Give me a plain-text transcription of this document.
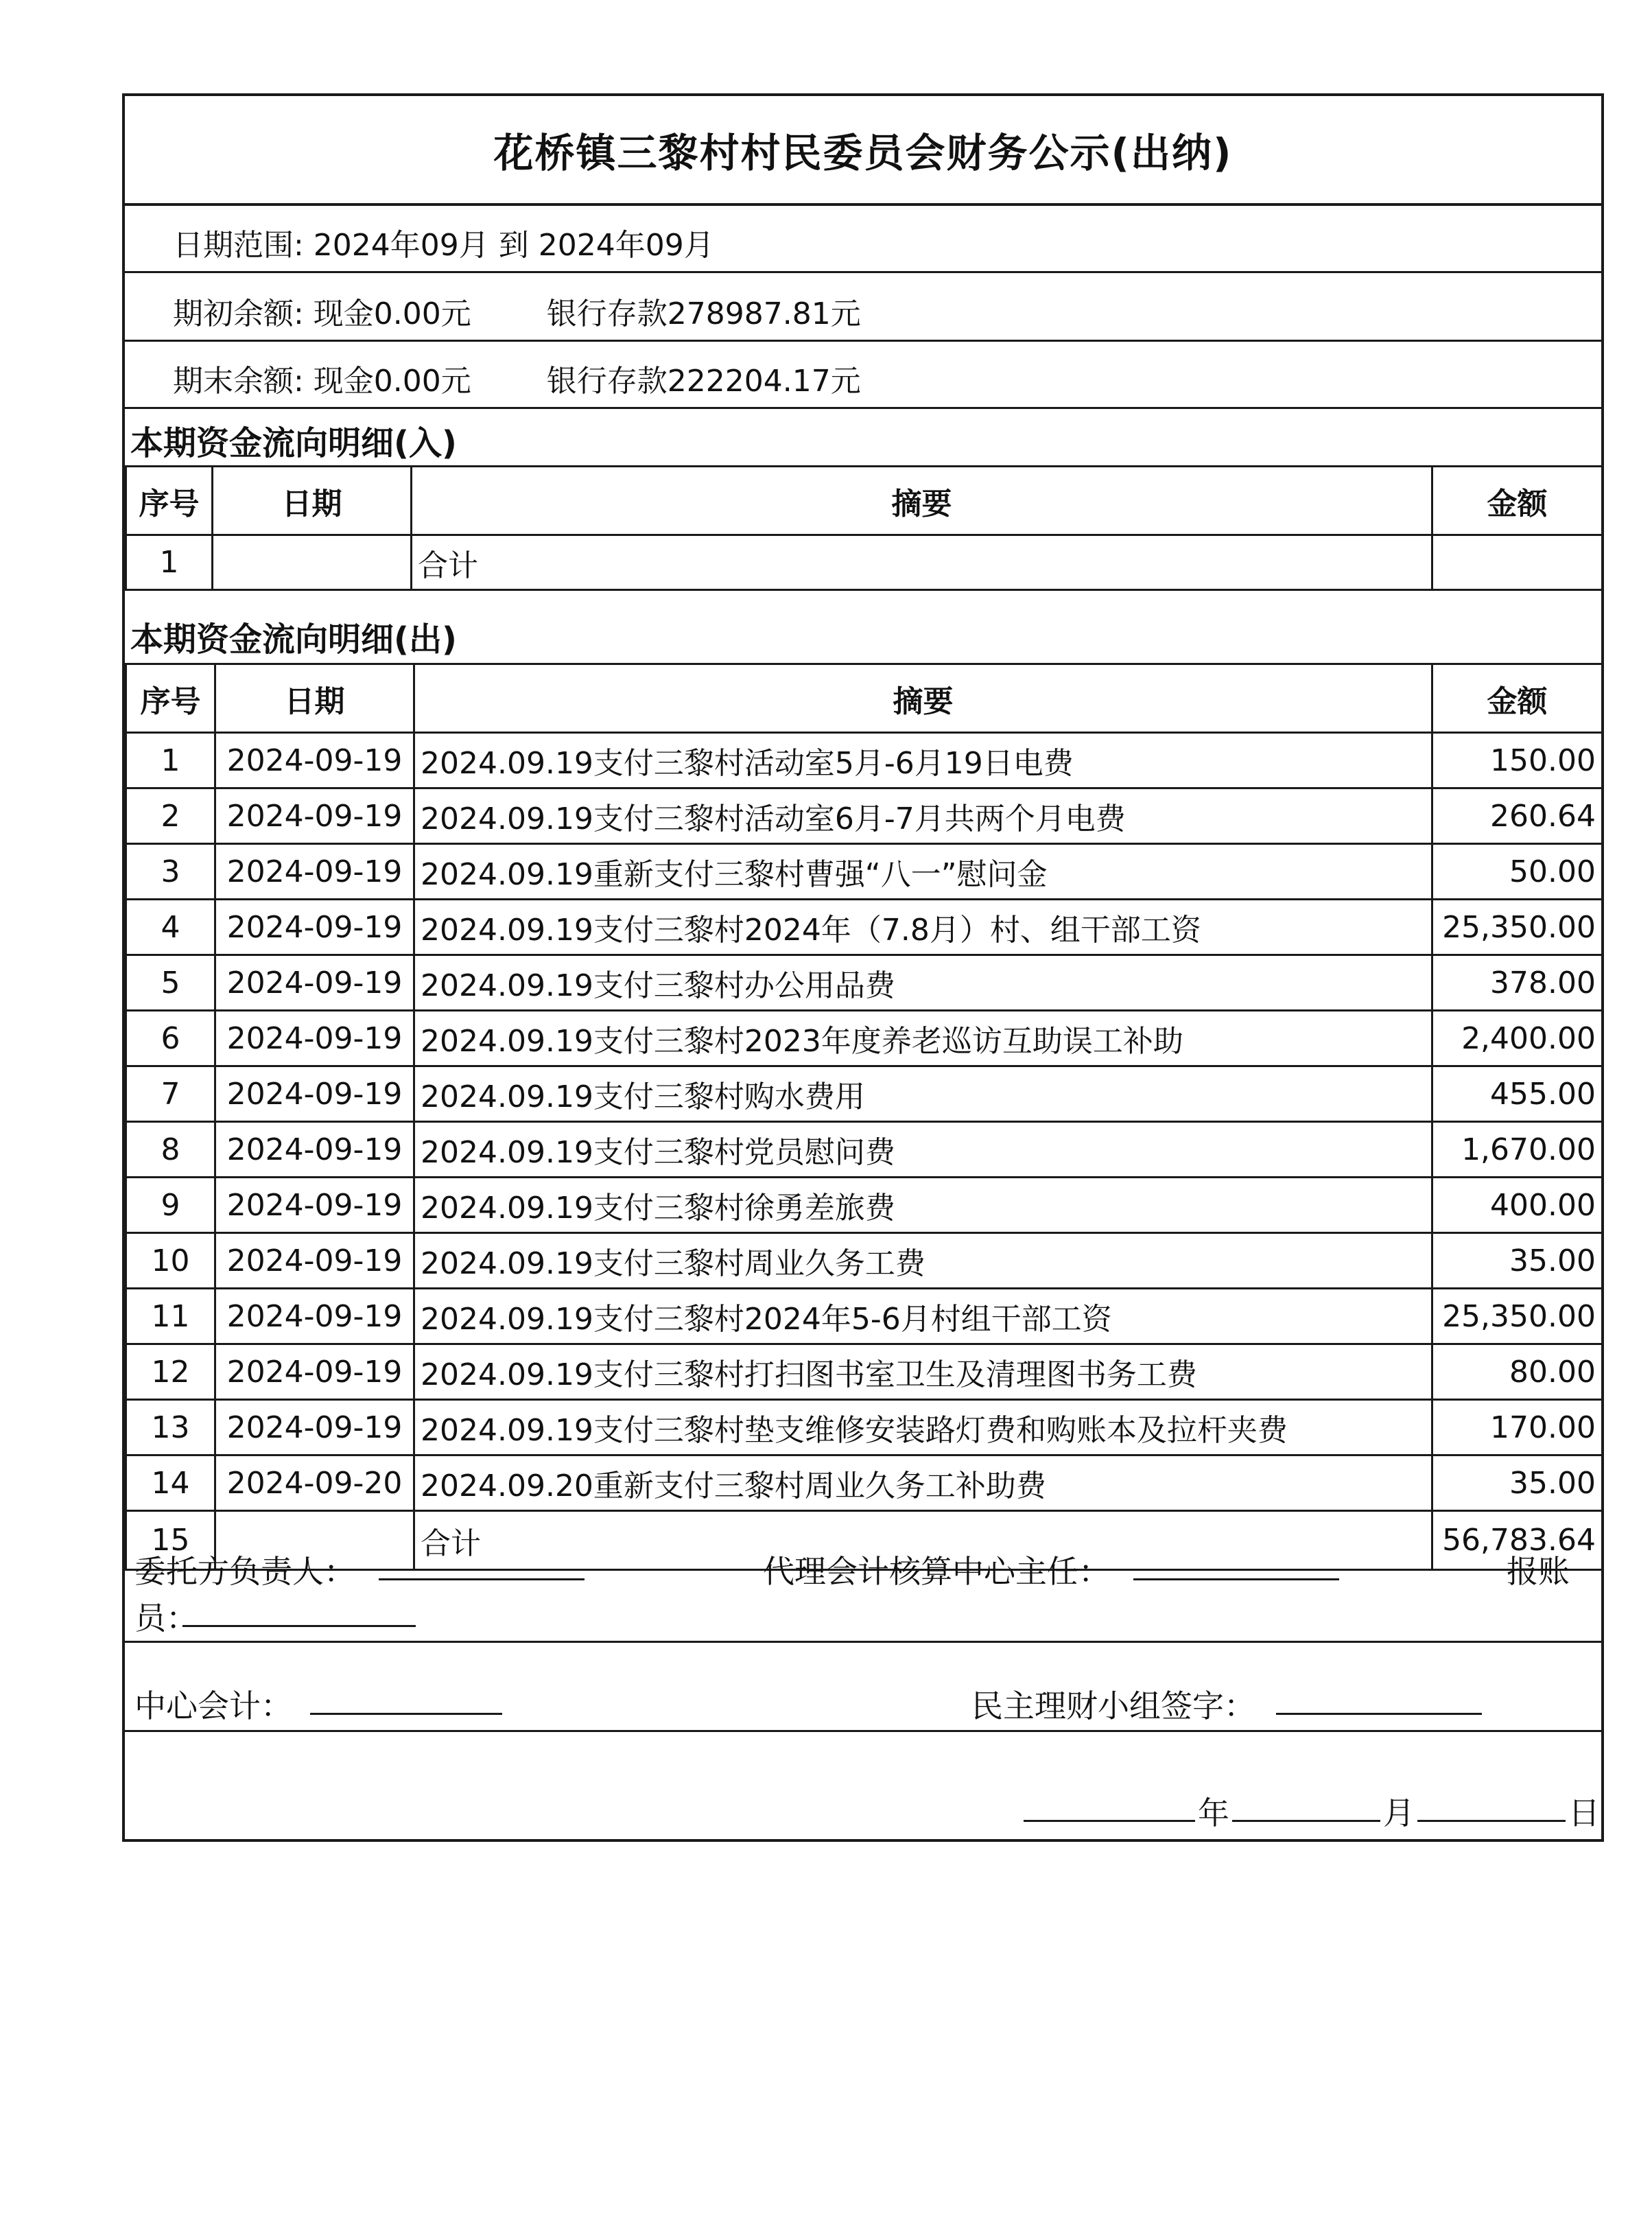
花桥镇三黎村村民委员会财务公示(出纳)
日期范围: 2024年09月 到 2024年09月
期初余额: 现金0.00元	银行存款278987.81元
期末余额: 现金0.00元	银行存款222204.17元
本期资金流向明细(入)
序号	日期	摘要	金额
1		合计	
本期资金流向明细(出)
序号	日期	摘要	金额
1	2024-09-19	2024.09.19支付三黎村活动室5月-6月19日电费	150.00
2	2024-09-19	2024.09.19支付三黎村活动室6月-7月共两个月电费	260.64
3	2024-09-19	2024.09.19重新支付三黎村曹强“八一”慰问金	50.00
4	2024-09-19	2024.09.19支付三黎村2024年（7.8月）村、组干部工资	25,350.00
5	2024-09-19	2024.09.19支付三黎村办公用品费	378.00
6	2024-09-19	2024.09.19支付三黎村2023年度养老巡访互助误工补助	2,400.00
7	2024-09-19	2024.09.19支付三黎村购水费用	455.00
8	2024-09-19	2024.09.19支付三黎村党员慰问费	1,670.00
9	2024-09-19	2024.09.19支付三黎村徐勇差旅费	400.00
10	2024-09-19	2024.09.19支付三黎村周业久务工费	35.00
11	2024-09-19	2024.09.19支付三黎村2024年5-6月村组干部工资	25,350.00
12	2024-09-19	2024.09.19支付三黎村打扫图书室卫生及清理图书务工费	80.00
13	2024-09-19	2024.09.19支付三黎村垫支维修安装路灯费和购账本及拉杆夹费	170.00
14	2024-09-20	2024.09.20重新支付三黎村周业久务工补助费	35.00
15		合计	56,783.64
委托方负责人：	代理会计核算中心主任：	报账
员：
中心会计：	民主理财小组签字：
年	月	日
